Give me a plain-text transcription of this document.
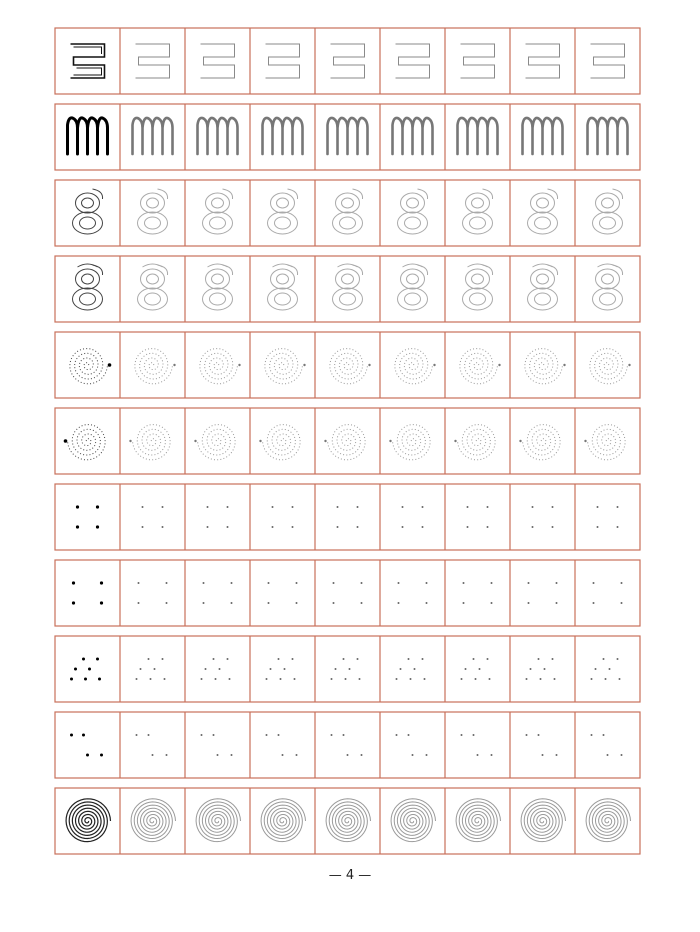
— 4 —
